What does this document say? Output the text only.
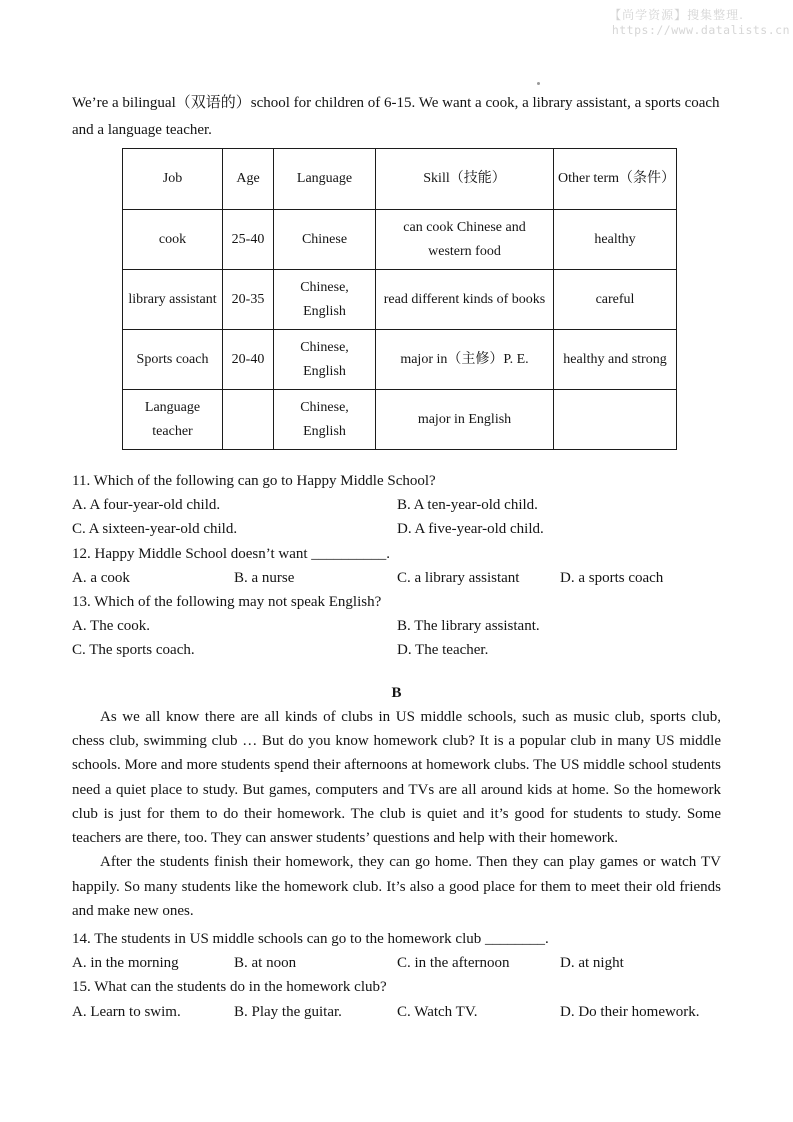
【尚学资源】搜集整理.
https://www.datalists.cn

We’re a bilingual（双语的）school for children of 6-15. We want a cook, a library assistant, a sports coach and a language teacher.

Job	Age	Language	Skill（技能）	Other term（条件）
cook	25-40	Chinese	can cook Chinese and western food	healthy
library assistant	20-35	Chinese, English	read different kinds of books	careful
Sports coach	20-40	Chinese, English	major in（主修）P. E.	healthy and strong
Language teacher		Chinese, English	major in English	
11. Which of the following can go to Happy Middle School?
A. A four-year-old child.	B. A ten-year-old child.
C. A sixteen-year-old child.	D. A five-year-old child.
12. Happy Middle School doesn’t want __________.
A. a cook	B. a nurse	C. a library assistant	D. a sports coach
13. Which of the following may not speak English?
A. The cook.	B. The library assistant.
C. The sports coach.	D. The teacher.
B

As we all know there are all kinds of clubs in US middle schools, such as music club, sports club, chess club, swimming club … But do you know homework club? It is a popular club in many US middle schools. More and more students spend their afternoons at homework clubs. The US middle school students need a quiet place to study. But games, computers and TVs are all around kids at home. So the homework club is just for them to do their homework. The club is quiet and it’s good for students to study. Some teachers are there, too. They can answer students’ questions and help with their homework.

After the students finish their homework, they can go home. Then they can play games or watch TV happily. So many students like the homework club. It’s also a good place for them to meet their old friends and make new ones.

14. The students in US middle schools can go to the homework club ________.
A. in the morning	B. at noon	C. in the afternoon	D. at night
15. What can the students do in the homework club?
A. Learn to swim.	B. Play the guitar.	C. Watch TV.	D. Do their homework.
